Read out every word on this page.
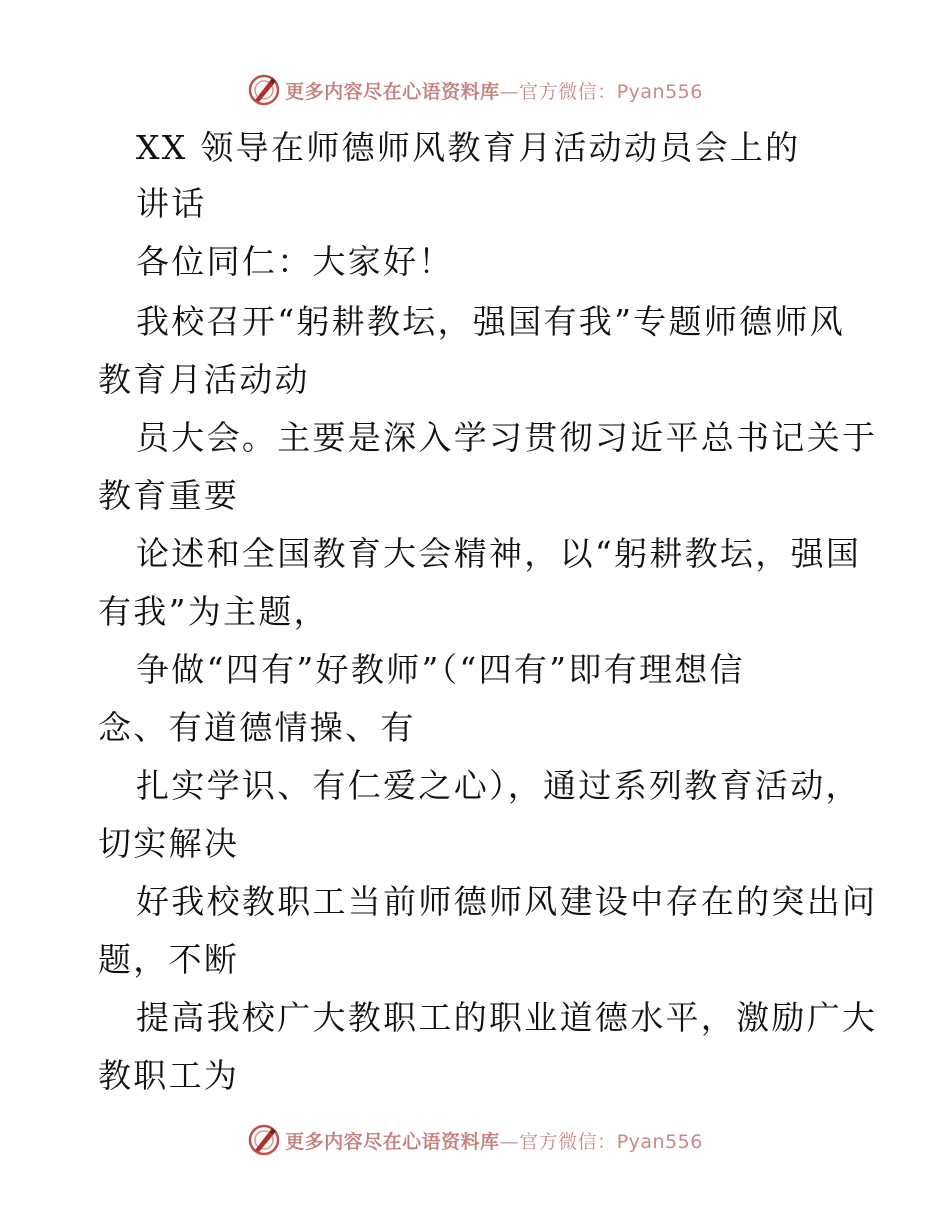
更多内容尽在心语资料库—官方微信：Pyan556
XX 领导在师德师风教育月活动动员会上的
讲话
各位同仁：大家好！
我校召开“躬耕教坛，强国有我”专题师德师风
教育月活动动
员大会。主要是深入学习贯彻习近平总书记关于
教育重要
论述和全国教育大会精神，以“躬耕教坛，强国
有我”为主题，
争做“四有”好教师”（“四有”即有理想信
念、有道德情操、有
扎实学识、有仁爱之心），通过系列教育活动，
切实解决
好我校教职工当前师德师风建设中存在的突出问
题，不断
提高我校广大教职工的职业道德水平，激励广大
教职工为
更多内容尽在心语资料库—官方微信：Pyan556
